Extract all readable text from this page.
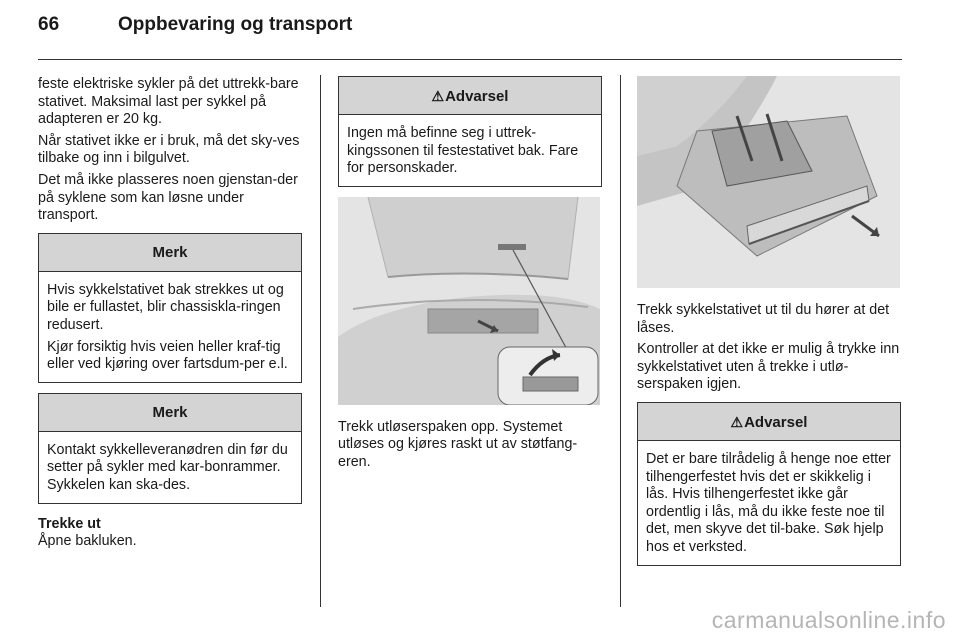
66	Oppbevaring og transport

feste elektriske sykler på det uttrekk-bare stativet. Maksimal last per sykkel på adapteren er 20 kg.

Når stativet ikke er i bruk, må det sky-ves tilbake og inn i bilgulvet.

Det må ikke plasseres noen gjenstan-der på syklene som kan løsne under transport.

Merk

Hvis sykkelstativet bak strekkes ut og bile er fullastet, blir chassiskla-ringen redusert.

Kjør forsiktig hvis veien heller kraf-tig eller ved kjøring over fartsdum-per e.l.

Merk

Kontakt sykkelleveranødren din før du setter på sykler med kar-bonrammer. Sykkelen kan ska-des.

Trekke ut

Åpne bakluken.

⚠Advarsel

Ingen må befinne seg i uttrek-kingssonen til festestativet bak. Fare for personskader.

Trekk utløserspaken opp. Systemet utløses og kjøres raskt ut av støtfang-eren.

Trekk sykkelstativet ut til du hører at det låses.

Kontroller at det ikke er mulig å trykke inn sykkelstativet uten å trekke i utlø-serspaken igjen.

⚠Advarsel

Det er bare tilrådelig å henge noe etter tilhengerfestet hvis det er skikkelig i lås. Hvis tilhengerfestet ikke går ordentlig i lås, må du ikke feste noe til det, men skyve det til-bake. Søk hjelp hos et verksted.

carmanualsonline.info
